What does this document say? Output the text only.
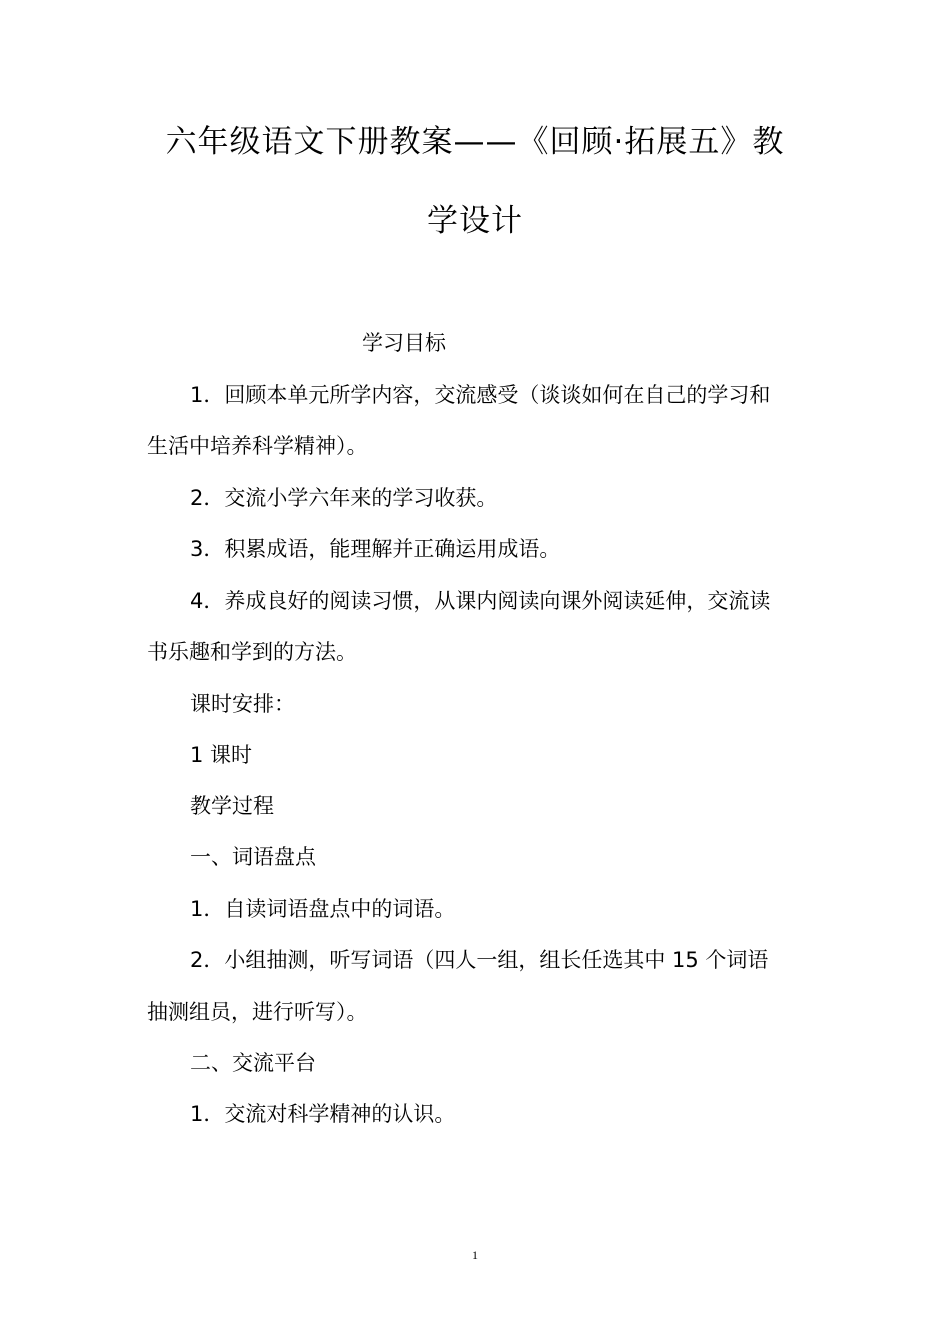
六年级语文下册教案——《回顾·拓展五》教
学设计
学习目标
1．回顾本单元所学内容，交流感受（谈谈如何在自己的学习和
生活中培养科学精神）。
2．交流小学六年来的学习收获。
3．积累成语，能理解并正确运用成语。
4．养成良好的阅读习惯，从课内阅读向课外阅读延伸，交流读
书乐趣和学到的方法。
课时安排：
1 课时
教学过程
一、词语盘点
1．自读词语盘点中的词语。
2．小组抽测，听写词语（四人一组，组长任选其中 15 个词语
抽测组员，进行听写）。
二、交流平台
1．交流对科学精神的认识。
1
